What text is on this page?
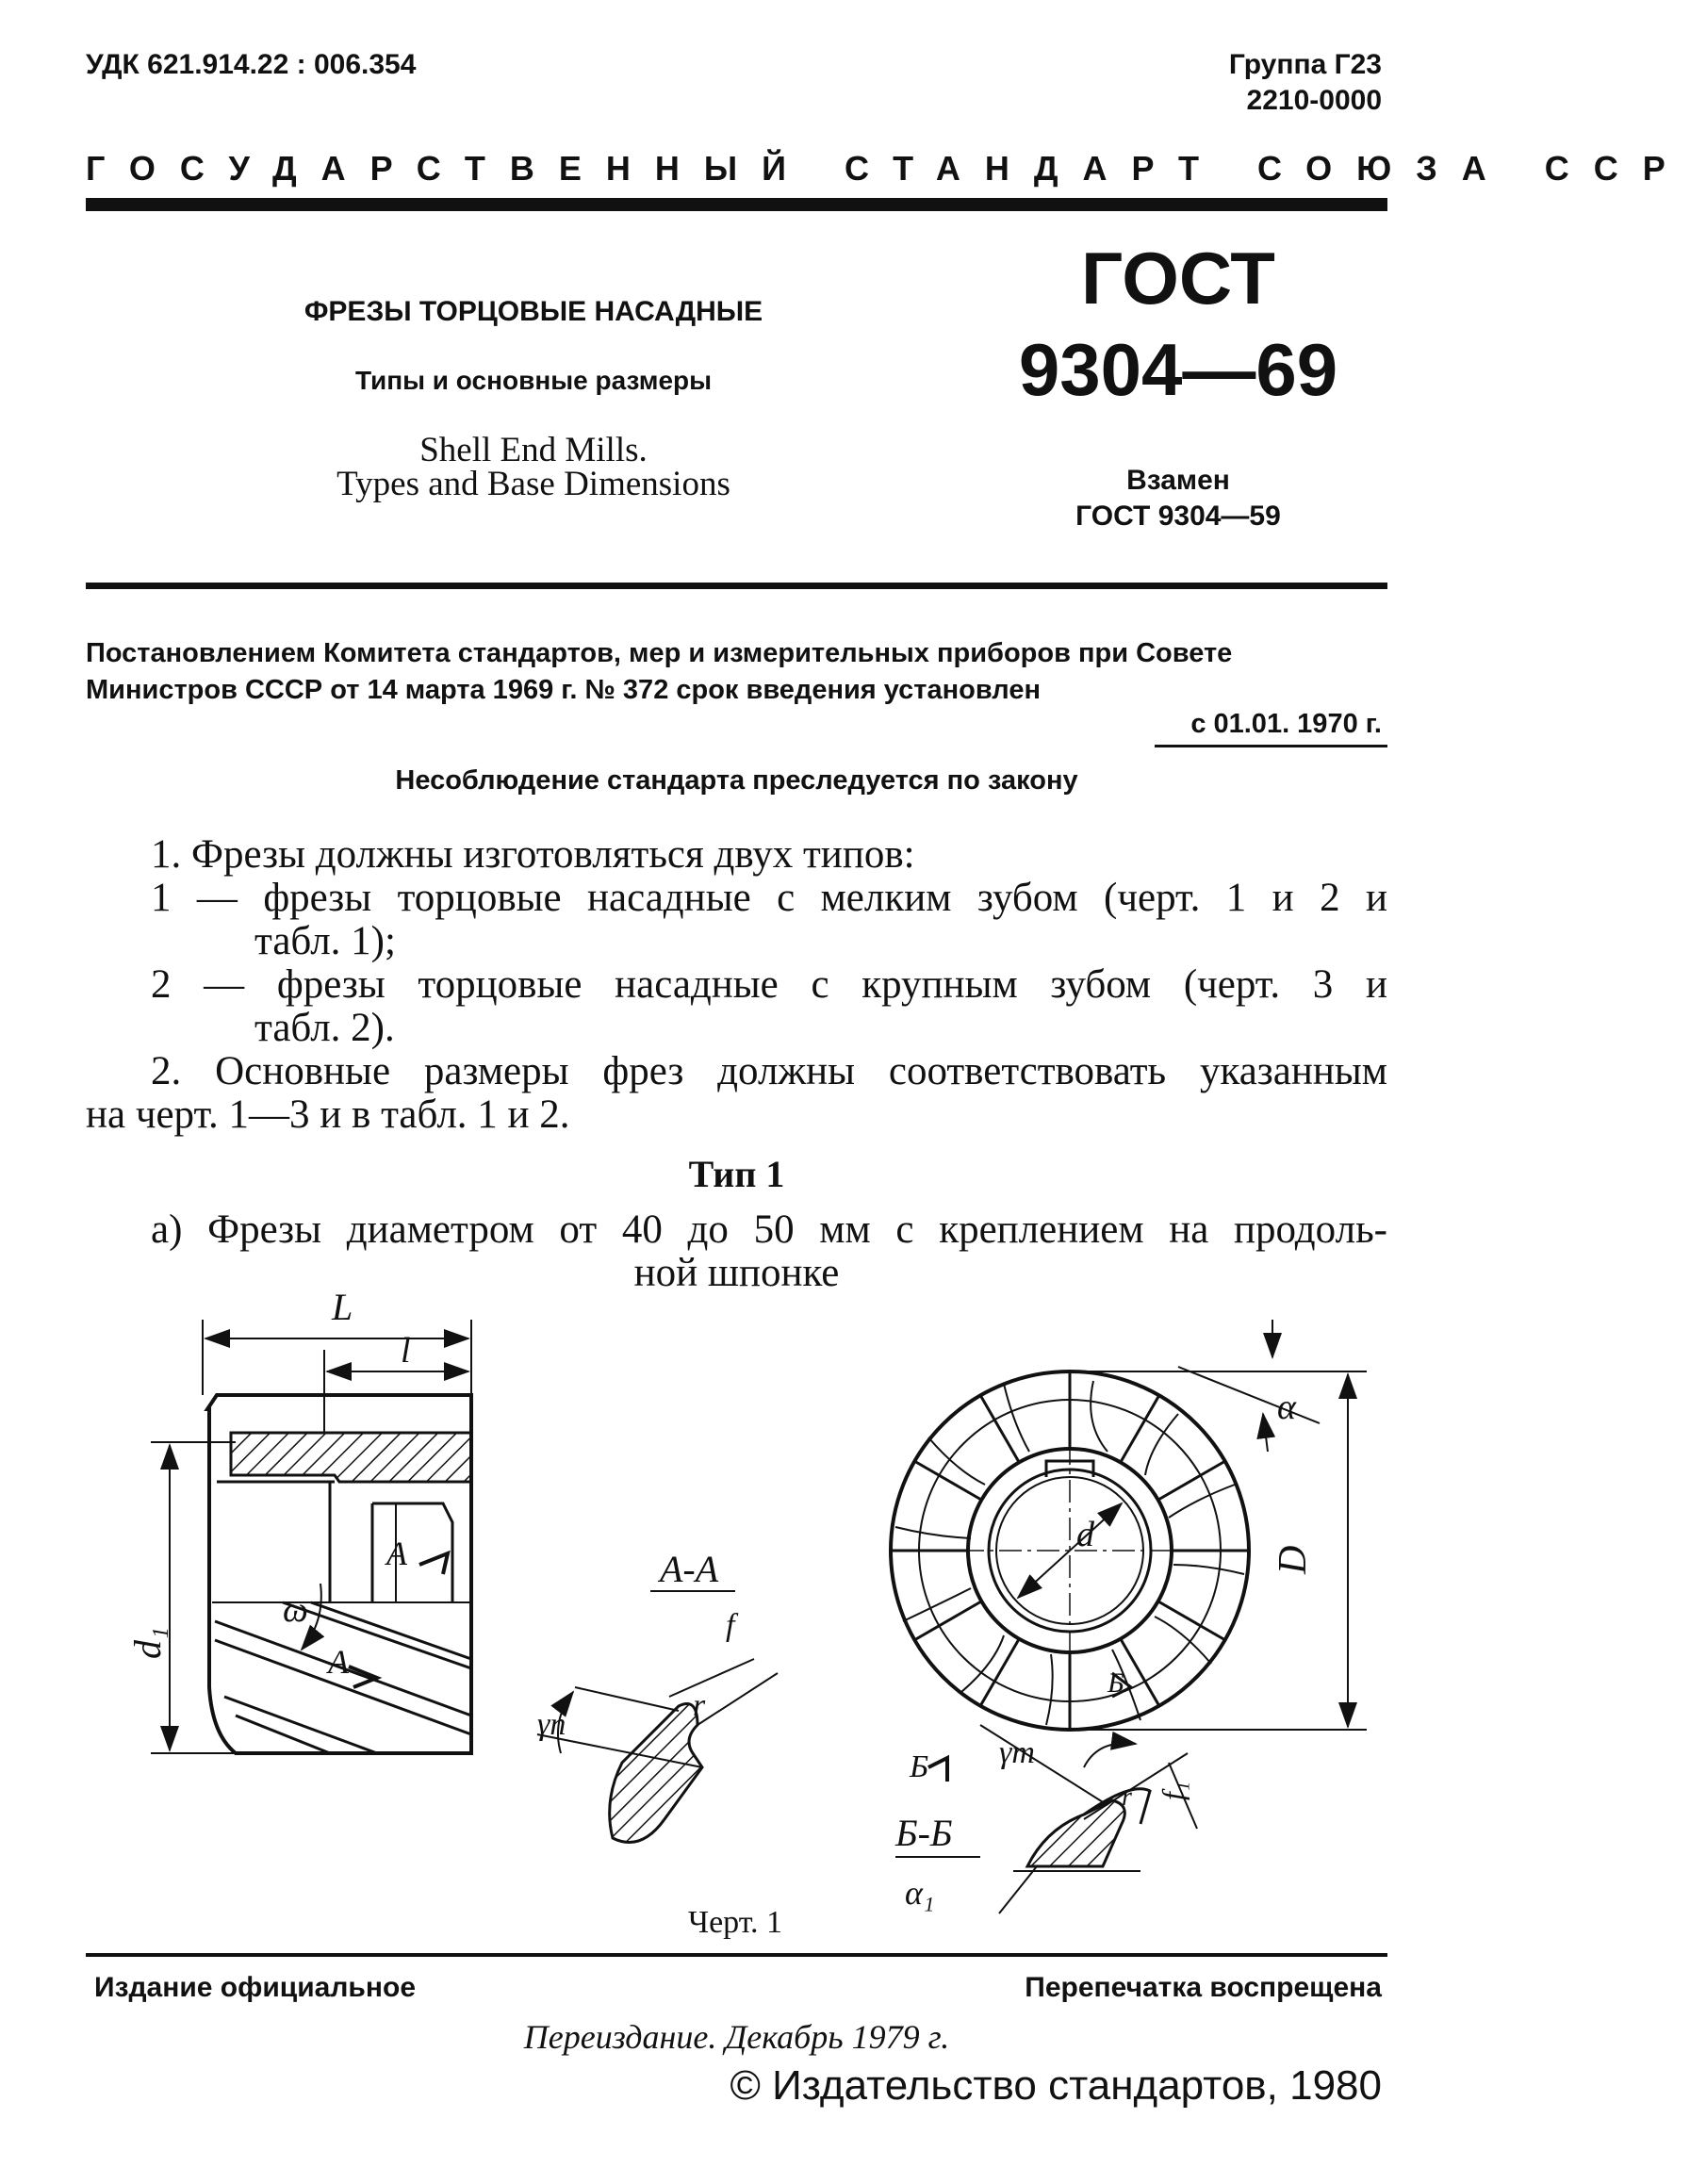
УДК 621.914.22 : 006.354	Группа Г23
2210-0000
ГОСУДАРСТВЕННЫЙ СТАНДАРТ СОЮЗА ССР
ФРЕЗЫ ТОРЦОВЫЕ НАСАДНЫЕ
Типы и основные размеры
Shell End Mills.
Types and Base Dimensions
ГОСТ
9304—69
Взамен
ГОСТ 9304—59
Постановлением Комитета стандартов, мер и измерительных приборов при Совете
Министров СССР от 14 марта 1969 г. № 372 срок введения установлен
с 01.01. 1970 г.
Несоблюдение стандарта преследуется по закону
1. Фрезы должны изготовляться двух типов:
1 — фрезы торцовые насадные с мелким зубом (черт. 1 и 2 и
табл. 1);
2 — фрезы торцовые насадные с крупным зубом (черт. 3 и
табл. 2).
2. Основные размеры фрез должны соответствовать указанным
на черт. 1—3 и в табл. 1 и 2.
Тип 1
а) Фрезы диаметром от 40 до 50 мм с креплением на продоль-
ной шпонке
L
l
d₁
ω
А
А
А-А
γn
r
f
α
D
d
Б
Б γт
Б-Б
α₁
f₁
r
Черт. 1
Издание официальное	Перепечатка воспрещена
Переиздание. Декабрь 1979 г.
© Издательство стандартов, 1980
